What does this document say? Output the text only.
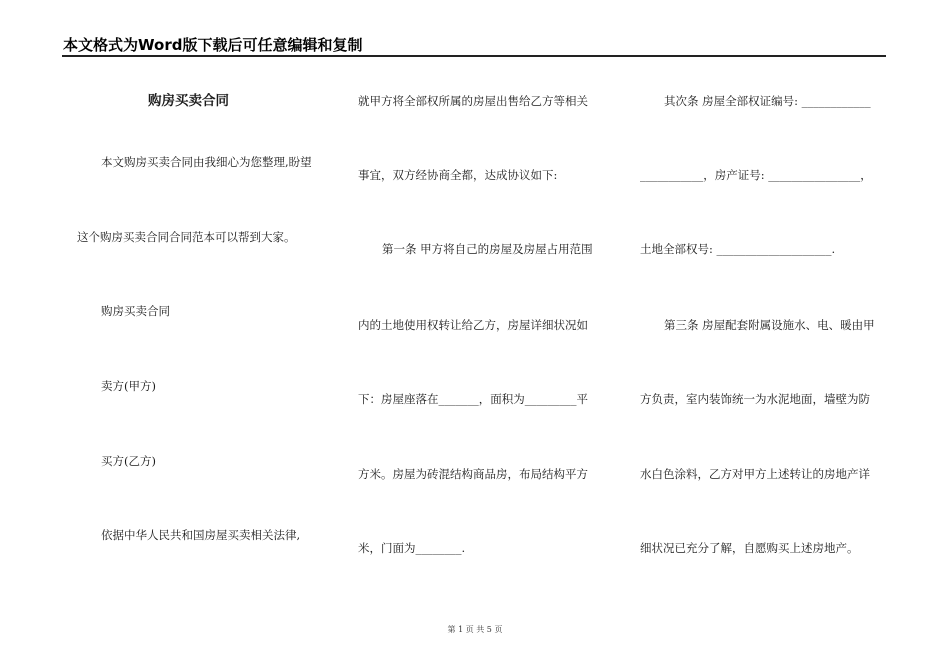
本文格式为Word版下载后可任意编辑和复制
购房买卖合同
本文购房买卖合同由我细心为您整理,盼望
这个购房买卖合同合同范本可以帮到大家。
购房买卖合同
卖方(甲方)
买方(乙方)
依据中华人民共和国房屋买卖相关法律,
就甲方将全部权所属的房屋出售给乙方等相关
事宜，双方经协商全都，达成协议如下:
第一条 甲方将自己的房屋及房屋占用范围
内的土地使用权转让给乙方，房屋详细状况如
下：房屋座落在_______，面积为_________平
方米。房屋为砖混结构商品房，布局结构平方
米，门面为________.
其次条 房屋全部权证编号: ____________
___________，房产证号: ________________，
土地全部权号: ____________________.
第三条 房屋配套附属设施水、电、暖由甲
方负责，室内装饰统一为水泥地面，墙壁为防
水白色涂料，乙方对甲方上述转让的房地产详
细状况已充分了解，自愿购买上述房地产。
第 1 页 共 5 页
